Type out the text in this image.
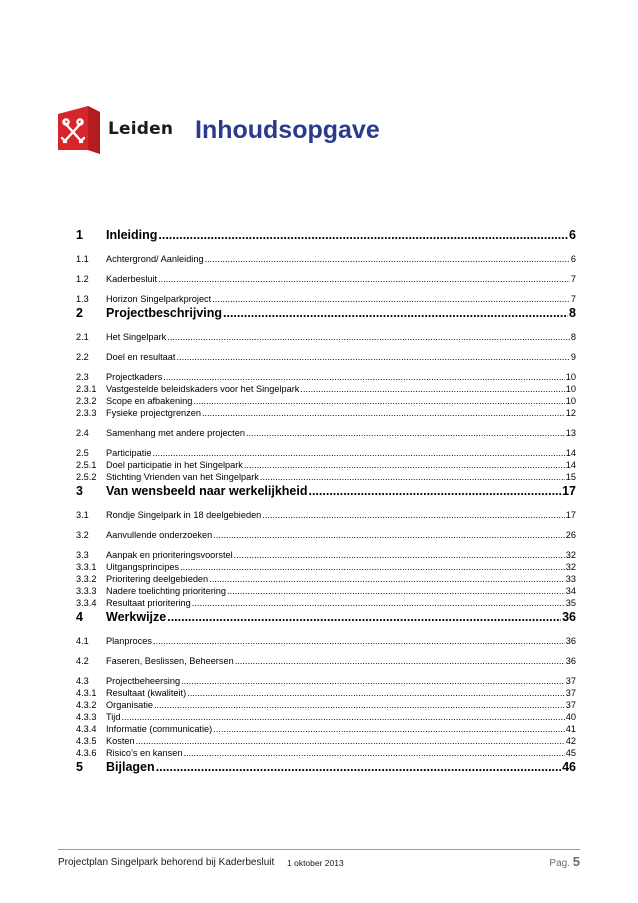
Leiden Inhoudsopgave
1	Inleiding .....	6
1.1	Achtergrond/ Aanleiding .....	6
1.2	Kaderbesluit .....	7
1.3	Horizon Singelparkproject .....	7
2	Projectbeschrijving .....	8
2.1	Het Singelpark .....	8
2.2	Doel en resultaat .....	9
2.3	Projectkaders .....	10
2.3.1	Vastgestelde beleidskaders voor het Singelpark .....	10
2.3.2	Scope en afbakening .....	10
2.3.3	Fysieke projectgrenzen .....	12
2.4	Samenhang met andere projecten .....	13
2.5	Participatie .....	14
2.5.1	Doel participatie in het Singelpark .....	14
2.5.2	Stichting Vrienden van het Singelpark .....	15
3	Van wensbeeld naar werkelijkheid .....	17
3.1	Rondje Singelpark in 18 deelgebieden .....	17
3.2	Aanvullende onderzoeken .....	26
3.3	Aanpak en prioriteringsvoorstel .....	32
3.3.1	Uitgangsprincipes .....	32
3.3.2	Prioritering deelgebieden .....	33
3.3.3	Nadere toelichting prioritering .....	34
3.3.4	Resultaat prioritering .....	35
4	Werkwijze .....	36
4.1	Planproces .....	36
4.2	Faseren, Beslissen, Beheersen .....	36
4.3	Projectbeheersing .....	37
4.3.1	Resultaat (kwaliteit) .....	37
4.3.2	Organisatie .....	37
4.3.3	Tijd .....	40
4.3.4	Informatie (communicatie) .....	41
4.3.5	Kosten .....	42
4.3.6	Risico’s en kansen .....	45
5	Bijlagen .....	46
Projectplan Singelpark behorend bij Kaderbesluit 1 oktober 2013	Pag. 5
